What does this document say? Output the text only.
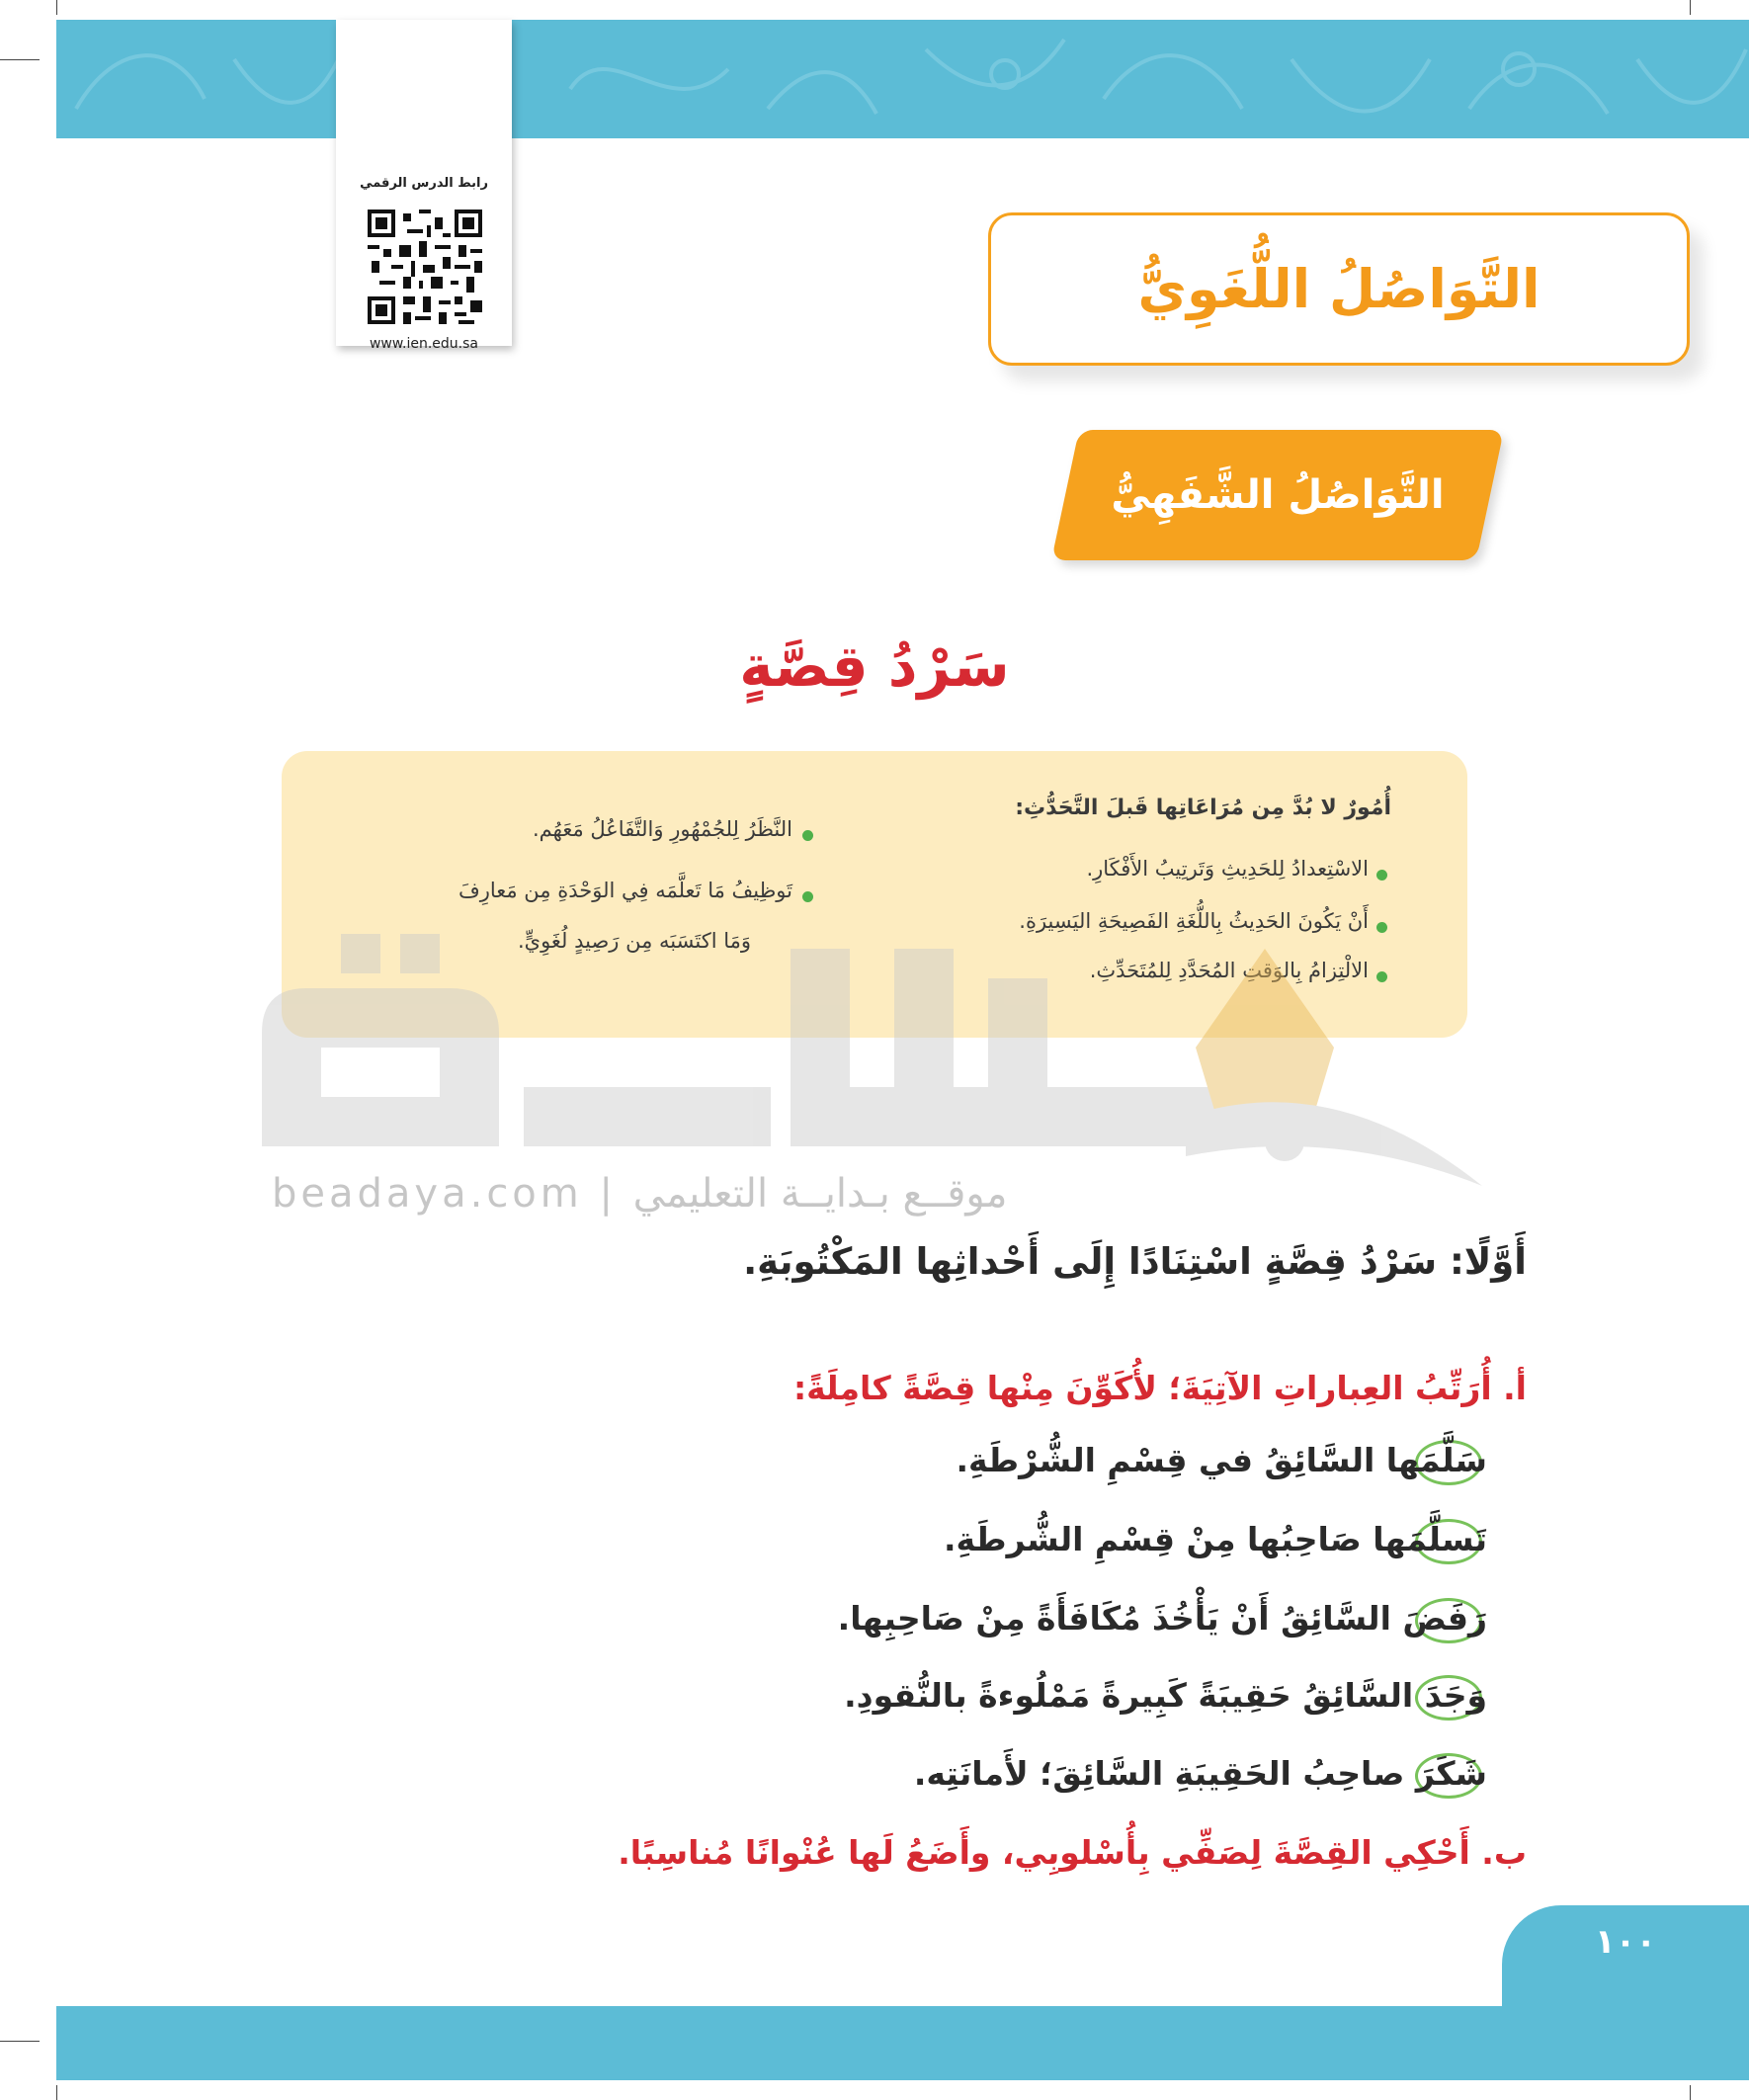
رابط الدرس الرقمي
www.ien.edu.sa
التَّوَاصُلُ اللُّغَوِيُّ
التَّوَاصُلُ الشَّفَهِيُّ
سَرْدُ قِصَّةٍ
أُمُورٌ لا بُدَّ مِن مُرَاعَاتِها قَبلَ التَّحَدُّثِ:
الاسْتِعدادُ لِلحَدِيثِ وَتَرتِيبُ الأَفْكَارِ.
أَنْ يَكُونَ الحَدِيثُ بِاللُّغَةِ الفَصِيحَةِ اليَسِيرَةِ.
الالْتِزامُ بِالوَقتِ المُحَدَّدِ لِلمُتَحَدِّثِ.
النَّظَرُ لِلجُمْهُورِ وَالتَّفَاعُلُ مَعَهُم.
تَوظِيفُ مَا تَعلَّمَه فِي الوَحْدَةِ مِن مَعارِفَ
وَمَا اكتَسَبَه مِن رَصِيدٍ لُغَوِيٍّ.
beadaya.com | موقــع بـدايــة التعليمي
أَوَّلًا: سَرْدُ قِصَّةٍ اسْتِنَادًا إِلَى أَحْداثِها المَكْتُوبَةِ.
أ. أُرَتِّبُ العِباراتِ الآتِيَةَ؛ لأُكَوِّنَ مِنْها قِصَّةً كامِلَةً:
سَلَّمَها السَّائِقُ في قِسْمِ الشُّرْطَةِ.
تَسلَّمَها صَاحِبُها مِنْ قِسْمِ الشُّرطَةِ.
رَفَضَ السَّائِقُ أَنْ يَأْخُذَ مُكَافَأَةً مِنْ صَاحِبِها.
وَجَدَ السَّائِقُ حَقِيبَةً كَبِيرةً مَمْلُوءةً بالنُّقودِ.
شَكَرَ صاحِبُ الحَقِيبَةِ السَّائِقَ؛ لأَمانَتِه.
ب. أَحْكِي القِصَّةَ لِصَفِّي بِأُسْلوبِي، وأَضَعُ لَها عُنْوانًا مُناسِبًا.
١٠٠
